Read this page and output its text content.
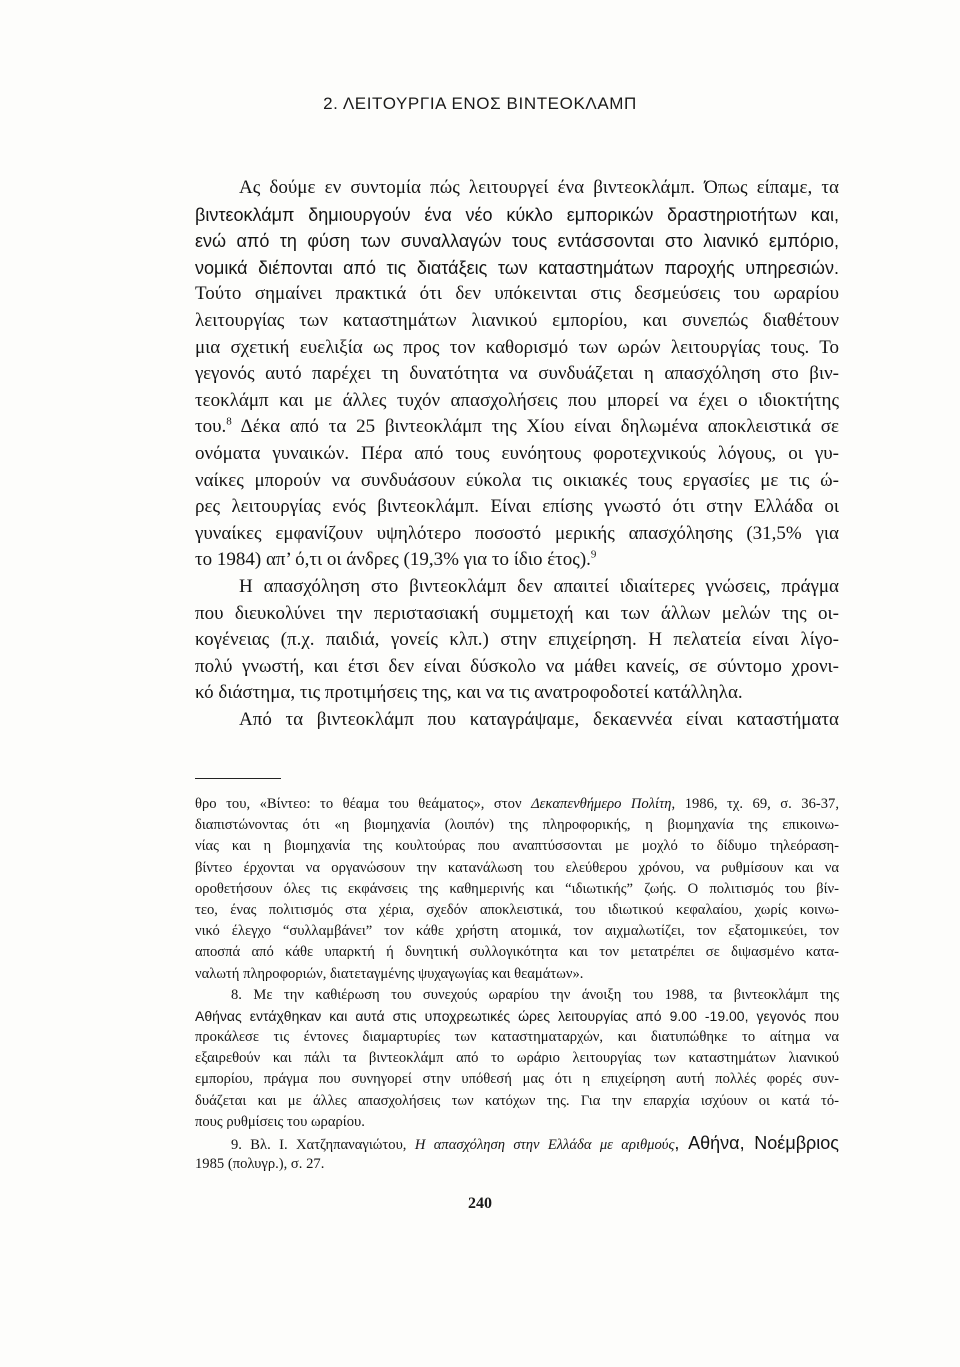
2. ΛΕΙΤΟΥΡΓΙΑ ΕΝΟΣ ΒΙΝΤΕΟΚΛΑΜΠ
Ας δούμε εν συντομία πώς λειτουργεί ένα βιντεοκλάμπ. Όπως είπαμε, τα
βιντεοκλάμπ δημιουργούν ένα νέο κύκλο εμπορικών δραστηριοτήτων και,
ενώ από τη φύση των συναλλαγών τους εντάσσονται στο λιανικό εμπόριο,
νομικά διέπονται από τις διατάξεις των καταστημάτων παροχής υπηρεσιών.
Τούτο σημαίνει πρακτικά ότι δεν υπόκεινται στις δεσμεύσεις του ωραρίου
λειτουργίας των καταστημάτων λιανικού εμπορίου, και συνεπώς διαθέτουν
μια σχετική ευελιξία ως προς τον καθορισμό των ωρών λειτουργίας τους. Το
γεγονός αυτό παρέχει τη δυνατότητα να συνδυάζεται η απασχόληση στο βιν-
τεοκλάμπ και με άλλες τυχόν απασχολήσεις που μπορεί να έχει ο ιδιοκτήτης
του.$^8$ Δέκα από τα 25 βιντεοκλάμπ της Χίου είναι δηλωμένα αποκλειστικά σε
ονόματα γυναικών. Πέρα από τους ευνόητους φοροτεχνικούς λόγους, οι γυ-
ναίκες μπορούν να συνδυάσουν εύκολα τις οικιακές τους εργασίες με τις ώ-
ρες λειτουργίας ενός βιντεοκλάμπ. Είναι επίσης γνωστό ότι στην Ελλάδα οι
γυναίκες εμφανίζουν υψηλότερο ποσοστό μερικής απασχόλησης (31,5% για
το 1984) απ’ ό,τι οι άνδρες (19,3% για το ίδιο έτος).$^9$
Η απασχόληση στο βιντεοκλάμπ δεν απαιτεί ιδιαίτερες γνώσεις, πράγμα
που διευκολύνει την περιστασιακή συμμετοχή και των άλλων μελών της οι-
κογένειας (π.χ. παιδιά, γονείς κλπ.) στην επιχείρηση. Η πελατεία είναι λίγο-
πολύ γνωστή, και έτσι δεν είναι δύσκολο να μάθει κανείς, σε σύντομο χρονι-
κό διάστημα, τις προτιμήσεις της, και να τις ανατροφοδοτεί κατάλληλα.
Από τα βιντεοκλάμπ που καταγράψαμε, δεκαεννέα είναι καταστήματα
θρο του, «Βίντεο: το θέαμα του θεάματος», στον Δεκαπενθήμερο Πολίτη, 1986, τχ. 69, σ. 36-37,
διαπιστώνοντας ότι «η βιομηχανία (λοιπόν) της πληροφορικής, η βιομηχανία της επικοινω-
νίας και η βιομηχανία της κουλτούρας που αναπτύσσονται με μοχλό το δίδυμο τηλεόραση-
βίντεο έρχονται να οργανώσουν την κατανάλωση του ελεύθερου χρόνου, να ρυθμίσουν και να
οροθετήσουν όλες τις εκφάνσεις της καθημερινής και “ιδιωτικής” ζωής. Ο πολιτισμός του βίν-
τεο, ένας πολιτισμός στα χέρια, σχεδόν αποκλειστικά, του ιδιωτικού κεφαλαίου, χωρίς κοινω-
νικό έλεγχο “συλλαμβάνει” τον κάθε χρήστη ατομικά, τον αιχμαλωτίζει, τον εξατομικεύει, τον
αποσπά από κάθε υπαρκτή ή δυνητική συλλογικότητα και τον μετατρέπει σε διψασμένο κατα-
ναλωτή πληροφοριών, διατεταγμένης ψυχαγωγίας και θεαμάτων».
8. Με την καθιέρωση του συνεχούς ωραρίου την άνοιξη του 1988, τα βιντεοκλάμπ της
Αθήνας εντάχθηκαν και αυτά στις υποχρεωτικές ώρες λειτουργίας από 9.00 -19.00, γεγονός που
προκάλεσε τις έντονες διαμαρτυρίες των καταστηματαρχών, και διατυπώθηκε το αίτημα να
εξαιρεθούν και πάλι τα βιντεοκλάμπ από το ωράριο λειτουργίας των καταστημάτων λιανικού
εμπορίου, πράγμα που συνηγορεί στην υπόθεσή μας ότι η επιχείρηση αυτή πολλές φορές συν-
δυάζεται και με άλλες απασχολήσεις των κατόχων της. Για την επαρχία ισχύουν οι κατά τό-
πους ρυθμίσεις του ωραρίου.
9. Βλ. Ι. Χατζηπαναγιώτου, Η απασχόληση στην Ελλάδα με αριθμούς, Αθήνα, Νοέμβριος
1985 (πολυγρ.), σ. 27.
240
